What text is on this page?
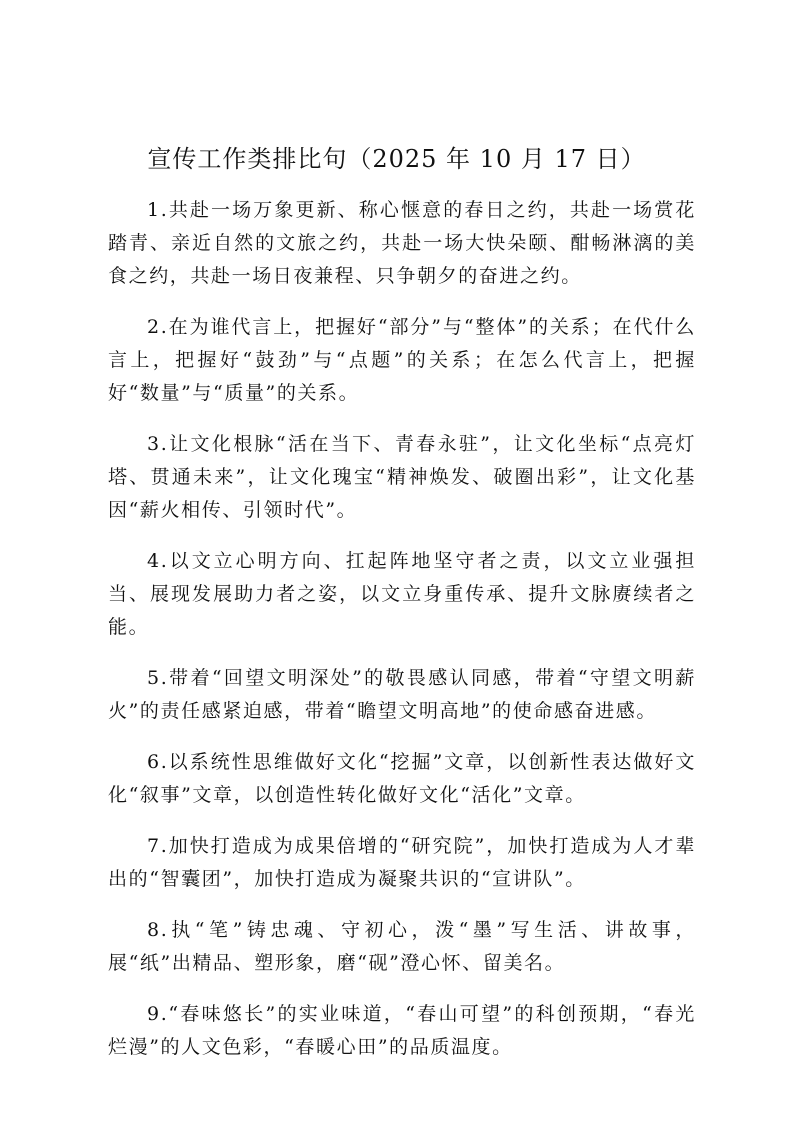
宣传工作类排比句（2025 年 10 月 17 日）

1.共赴一场万象更新、称心惬意的春日之约，共赴一场赏花踏青、亲近自然的文旅之约，共赴一场大快朵颐、酣畅淋漓的美食之约，共赴一场日夜兼程、只争朝夕的奋进之约。

2.在为谁代言上，把握好“部分”与“整体”的关系；在代什么言上，把握好“鼓劲”与“点题”的关系；在怎么代言上，把握好“数量”与“质量”的关系。

3.让文化根脉“活在当下、青春永驻”，让文化坐标“点亮灯塔、贯通未来”，让文化瑰宝“精神焕发、破圈出彩”，让文化基因“薪火相传、引领时代”。

4.以文立心明方向、扛起阵地坚守者之责，以文立业强担当、展现发展助力者之姿，以文立身重传承、提升文脉赓续者之能。

5.带着“回望文明深处”的敬畏感认同感，带着“守望文明薪火”的责任感紧迫感，带着“瞻望文明高地”的使命感奋进感。

6.以系统性思维做好文化“挖掘”文章，以创新性表达做好文化“叙事”文章，以创造性转化做好文化“活化”文章。

7.加快打造成为成果倍增的“研究院”，加快打造成为人才辈出的“智囊团”，加快打造成为凝聚共识的“宣讲队”。

8.执“笔”铸忠魂、守初心，泼“墨”写生活、讲故事，展“纸”出精品、塑形象，磨“砚”澄心怀、留美名。

9.“春味悠长”的实业味道，“春山可望”的科创预期，“春光烂漫”的人文色彩，“春暖心田”的品质温度。
